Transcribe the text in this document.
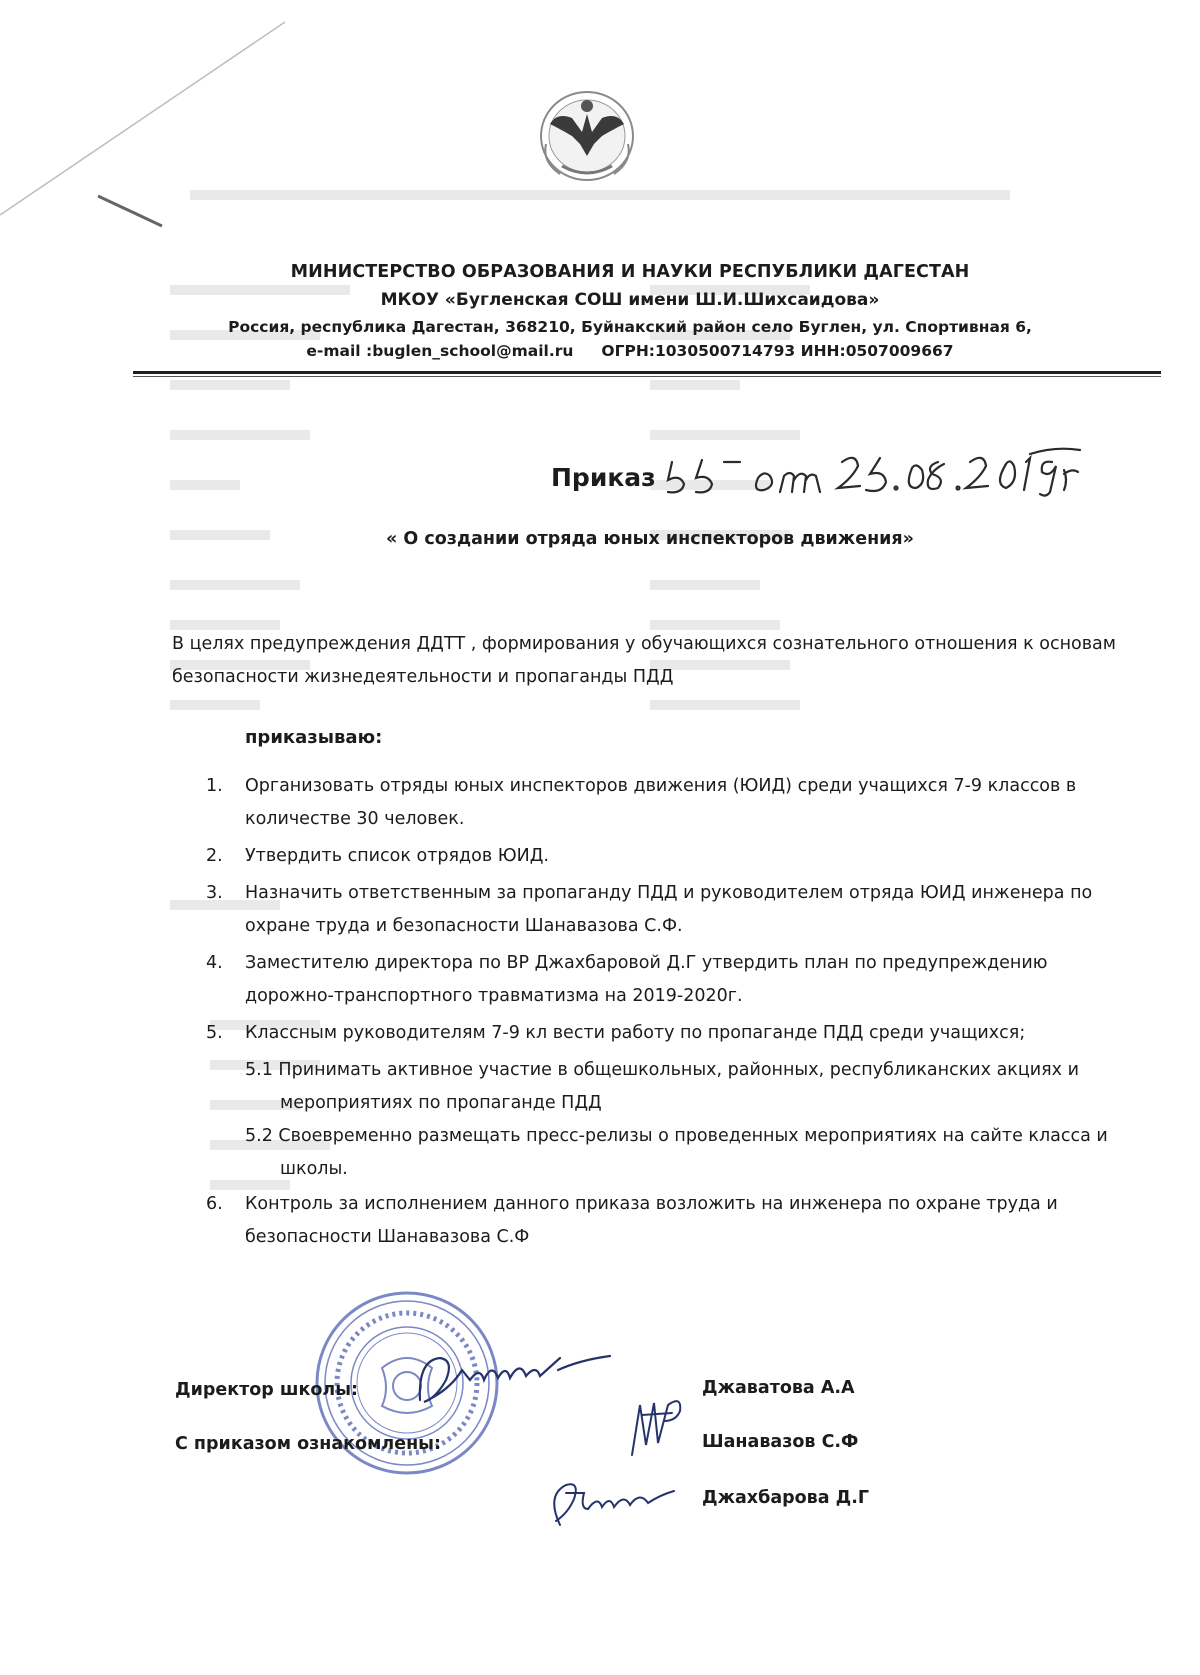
МИНИСТЕРСТВО ОБРАЗОВАНИЯ И НАУКИ РЕСПУБЛИКИ ДАГЕСТАН
МКОУ «Бугленская СОШ имени Ш.И.Шихсаидова»
Россия, республика Дагестан, 368210, Буйнакский район село Буглен, ул. Спортивная 6,
e-mail :buglen_school@mail.ru ОГРН:1030500714793 ИНН:0507009667
Приказ
« О создании отряда юных инспекторов движения»
В целях предупреждения ДДТТ , формирования у обучающихся сознательного отношения к основам безопасности жизнедеятельности и пропаганды ПДД
приказываю:
1. Организовать отряды юных инспекторов движения (ЮИД) среди учащихся 7-9 классов в количестве 30 человек.
2. Утвердить список отрядов ЮИД.
3. Назначить ответственным за пропаганду ПДД и руководителем отряда ЮИД инженера по охране труда и безопасности Шанавазова С.Ф.
4. Заместителю директора по ВР Джахбаровой Д.Г утвердить план по предупреждению дорожно-транспортного травматизма на 2019-2020г.
5. Классным руководителям 7-9 кл вести работу по пропаганде ПДД среди учащихся;
5.1 Принимать активное участие в общешкольных, районных, республиканских акциях и мероприятиях по пропаганде ПДД
5.2 Своевременно размещать пресс-релизы о проведенных мероприятиях на сайте класса и школы.
6. Контроль за исполнением данного приказа возложить на инженера по охране труда и безопасности Шанавазова С.Ф
Директор школы:	Джаватова А.А
С приказом ознакомлены:	Шанавазов С.Ф
Джахбарова Д.Г
